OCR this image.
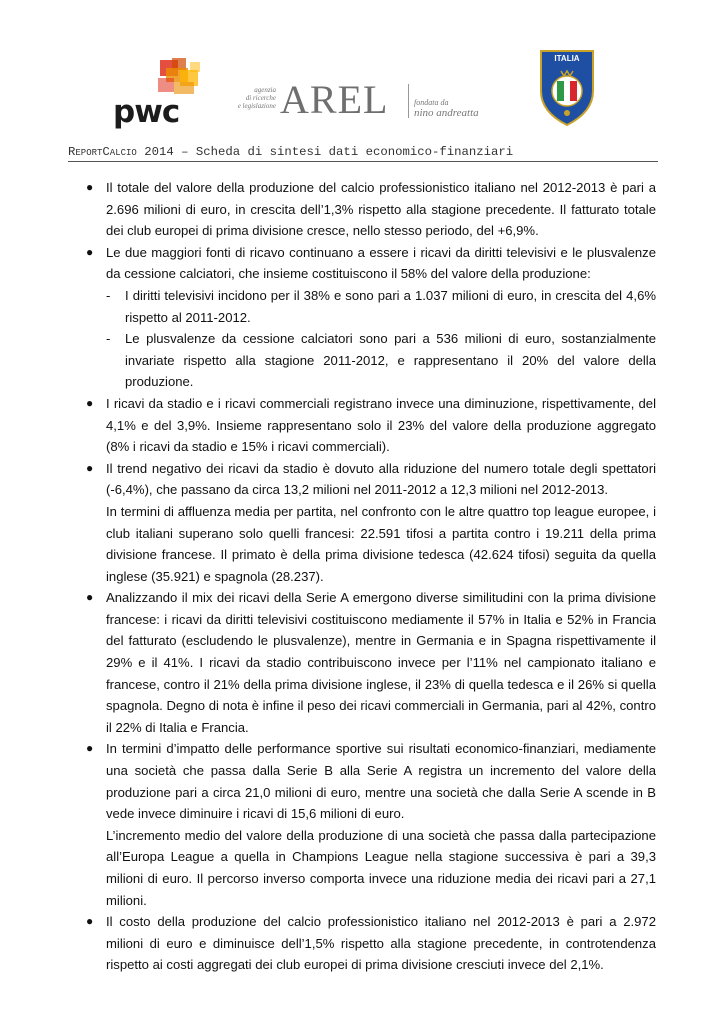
pwc
agenzia
di ricerche
e legislazione AREL	fondata da
nino andreatta
ITALIA
REPORTCALCIO 2014 – Scheda di sintesi dati economico-finanziari
● Il totale del valore della produzione del calcio professionistico italiano nel 2012-2013 è pari a 2.696 milioni di euro, in crescita dell’1,3% rispetto alla stagione precedente. Il fatturato totale dei club europei di prima divisione cresce, nello stesso periodo, del +6,9%.

● Le due maggiori fonti di ricavo continuano a essere i ricavi da diritti televisivi e le plusvalenze da cessione calciatori, che insieme costituiscono il 58% del valore della produzione:

- I diritti televisivi incidono per il 38% e sono pari a 1.037 milioni di euro, in crescita del 4,6% rispetto al 2011-2012.

- Le plusvalenze da cessione calciatori sono pari a 536 milioni di euro, sostanzialmente invariate rispetto alla stagione 2011-2012, e rappresentano il 20% del valore della produzione.

● I ricavi da stadio e i ricavi commerciali registrano invece una diminuzione, rispettivamente, del 4,1% e del 3,9%. Insieme rappresentano solo il 23% del valore della produzione aggregato (8% i ricavi da stadio e 15% i ricavi commerciali).

● Il trend negativo dei ricavi da stadio è dovuto alla riduzione del numero totale degli spettatori (-6,4%), che passano da circa 13,2 milioni nel 2011-2012 a 12,3 milioni nel 2012-2013.

In termini di affluenza media per partita, nel confronto con le altre quattro top league europee, i club italiani superano solo quelli francesi: 22.591 tifosi a partita contro i 19.211 della prima divisione francese. Il primato è della prima divisione tedesca (42.624 tifosi) seguita da quella inglese (35.921) e spagnola (28.237).

● Analizzando il mix dei ricavi della Serie A emergono diverse similitudini con la prima divisione francese: i ricavi da diritti televisivi costituiscono mediamente il 57% in Italia e 52% in Francia del fatturato (escludendo le plusvalenze), mentre in Germania e in Spagna rispettivamente il 29% e il 41%. I ricavi da stadio contribuiscono invece per l’11% nel campionato italiano e francese, contro il 21% della prima divisione inglese, il 23% di quella tedesca e il 26% si quella spagnola. Degno di nota è infine il peso dei ricavi commerciali in Germania, pari al 42%, contro il 22% di Italia e Francia.

● In termini d’impatto delle performance sportive sui risultati economico-finanziari, mediamente una società che passa dalla Serie B alla Serie A registra un incremento del valore della produzione pari a circa 21,0 milioni di euro, mentre una società che dalla Serie A scende in B vede invece diminuire i ricavi di 15,6 milioni di euro.

L’incremento medio del valore della produzione di una società che passa dalla partecipazione all’Europa League a quella in Champions League nella stagione successiva è pari a 39,3 milioni di euro. Il percorso inverso comporta invece una riduzione media dei ricavi pari a 27,1 milioni.

● Il costo della produzione del calcio professionistico italiano nel 2012-2013 è pari a 2.972 milioni di euro e diminuisce dell’1,5% rispetto alla stagione precedente, in controtendenza rispetto ai costi aggregati dei club europei di prima divisione cresciuti invece del 2,1%.
